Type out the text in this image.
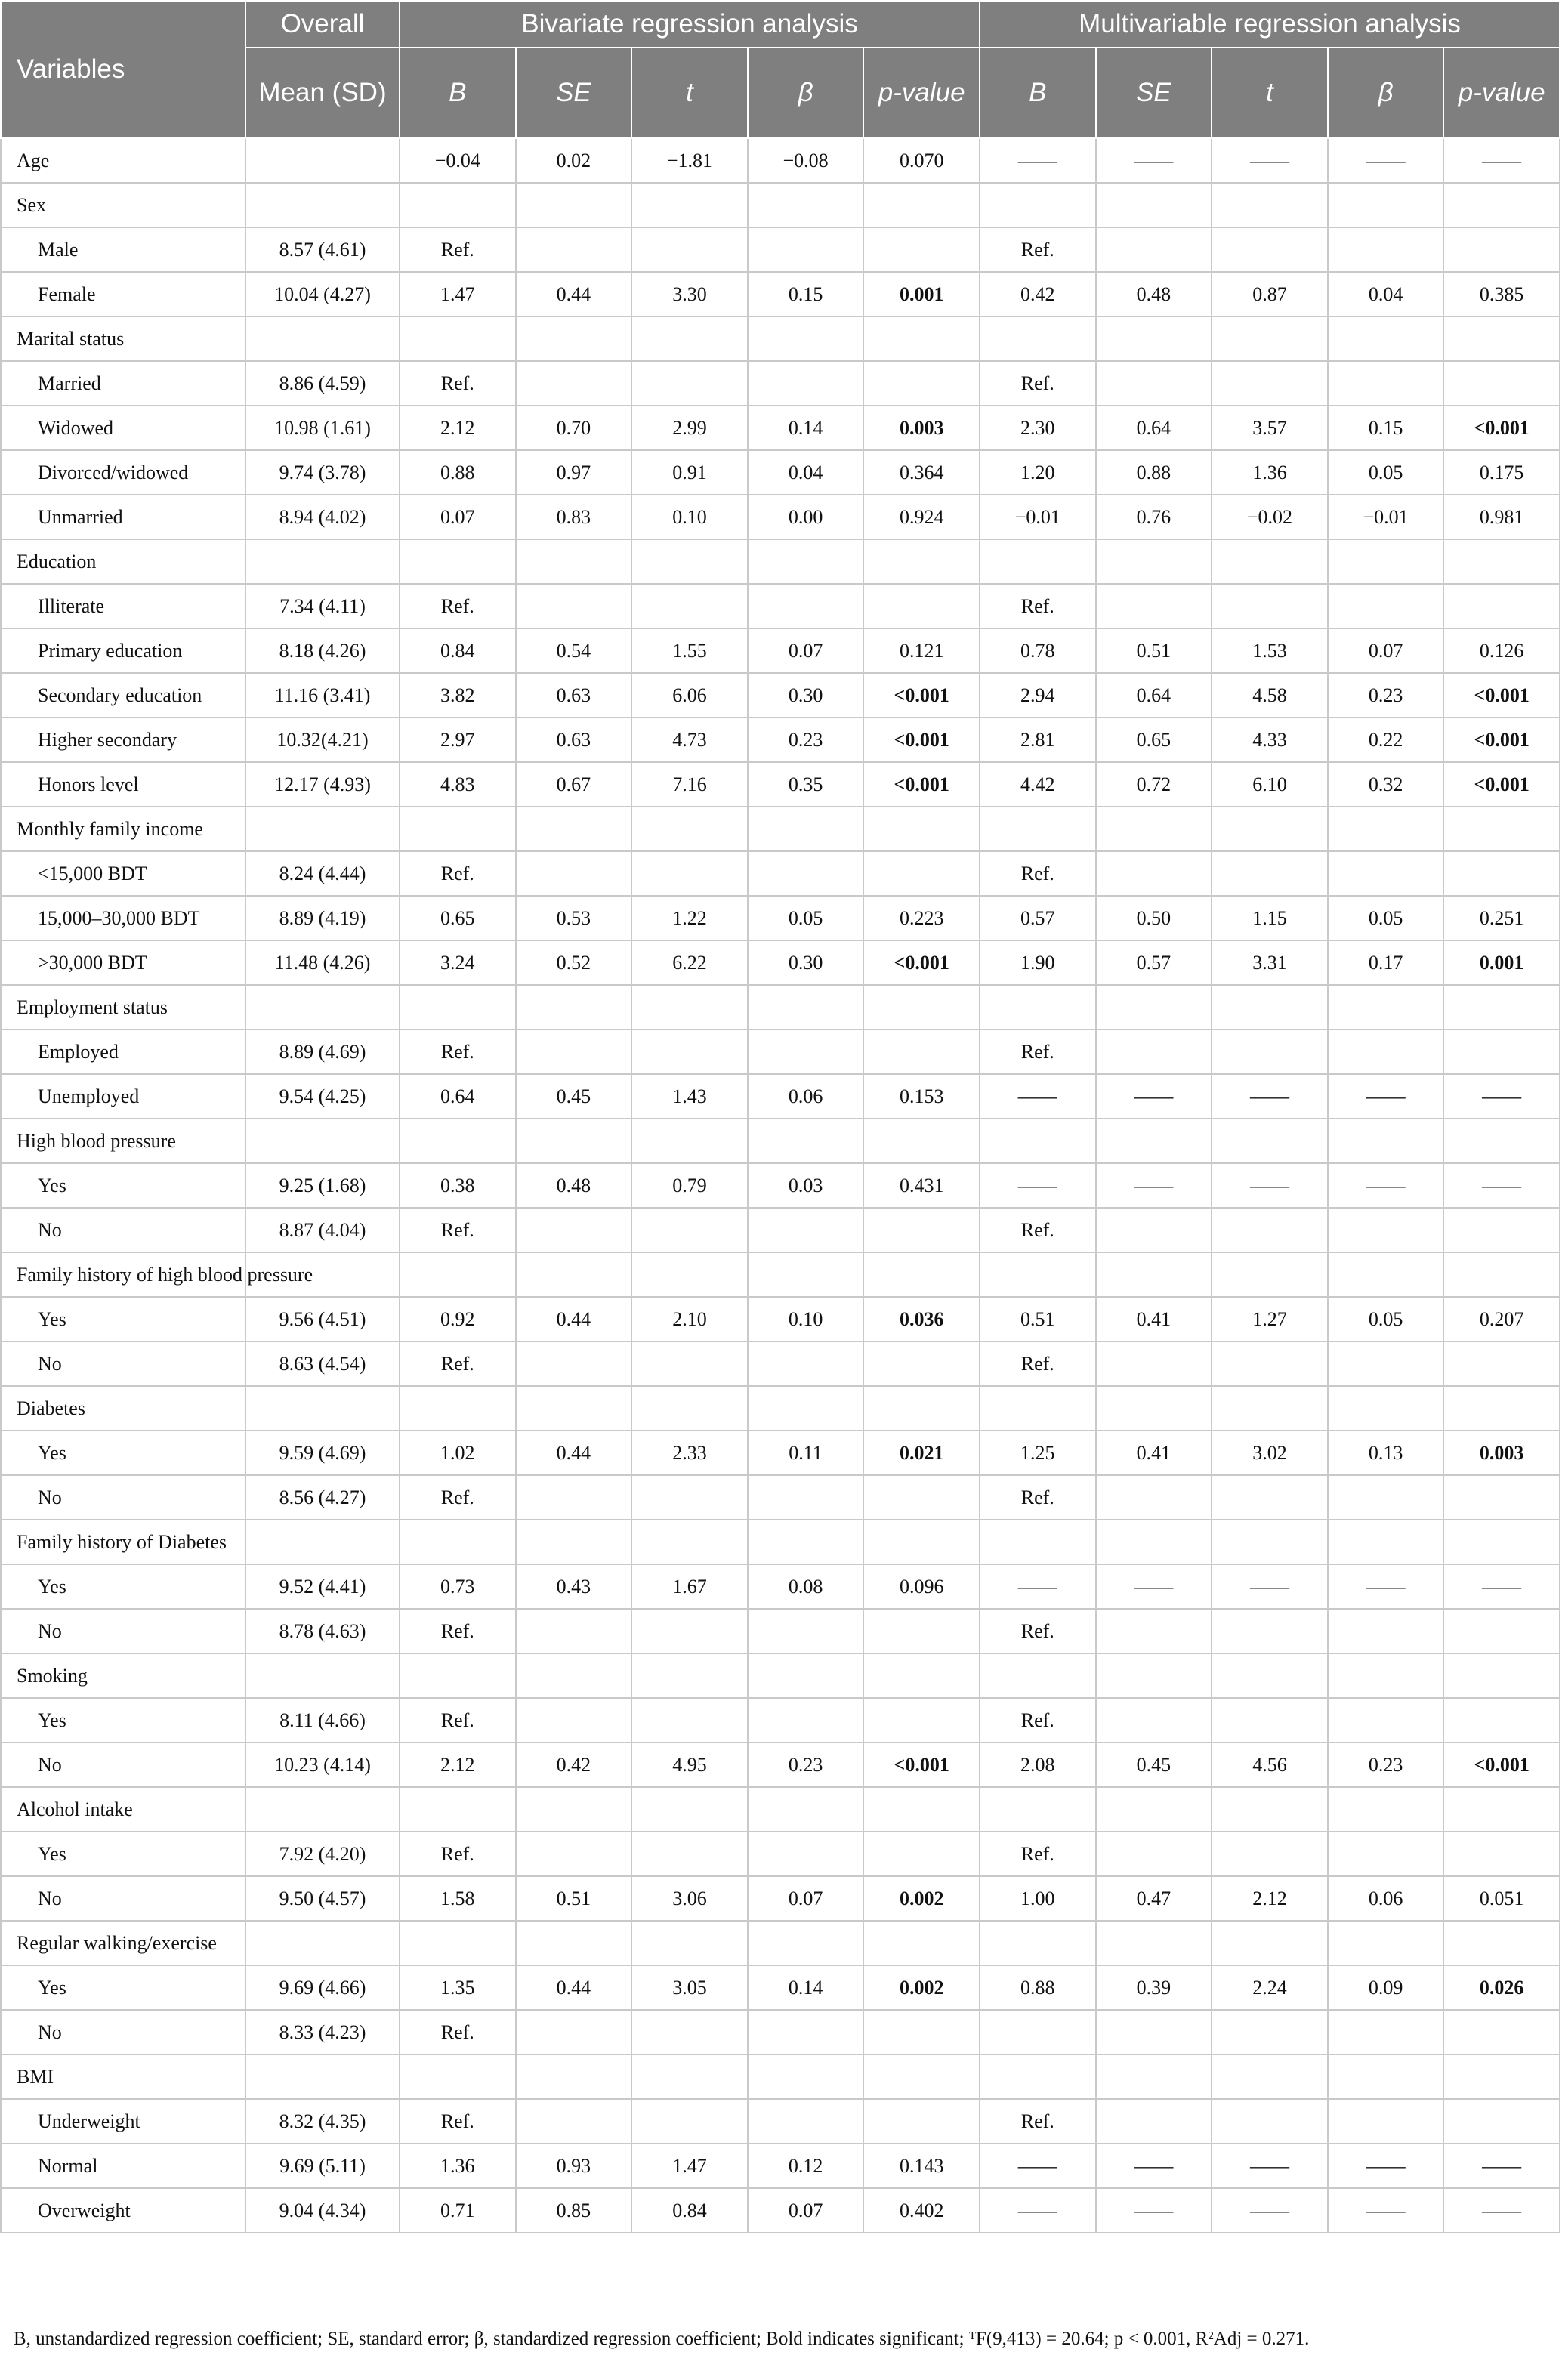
Variables	Overall	Bivariate regression analysis					Multivariable regression analysis				
	Mean (SD)	B	SE	t	β	p-value	B	SE	t	β	p-value
Age		−0.04	0.02	−1.81	−0.08	0.070	——	——	——	——	——
Sex											
Male	8.57 (4.61)	Ref.					Ref.				
Female	10.04 (4.27)	1.47	0.44	3.30	0.15	0.001	0.42	0.48	0.87	0.04	0.385
Marital status											
Married	8.86 (4.59)	Ref.					Ref.				
Widowed	10.98 (1.61)	2.12	0.70	2.99	0.14	0.003	2.30	0.64	3.57	0.15	<0.001
Divorced/widowed	9.74 (3.78)	0.88	0.97	0.91	0.04	0.364	1.20	0.88	1.36	0.05	0.175
Unmarried	8.94 (4.02)	0.07	0.83	0.10	0.00	0.924	−0.01	0.76	−0.02	−0.01	0.981
Education											
Illiterate	7.34 (4.11)	Ref.					Ref.				
Primary education	8.18 (4.26)	0.84	0.54	1.55	0.07	0.121	0.78	0.51	1.53	0.07	0.126
Secondary education	11.16 (3.41)	3.82	0.63	6.06	0.30	<0.001	2.94	0.64	4.58	0.23	<0.001
Higher secondary	10.32(4.21)	2.97	0.63	4.73	0.23	<0.001	2.81	0.65	4.33	0.22	<0.001
Honors level	12.17 (4.93)	4.83	0.67	7.16	0.35	<0.001	4.42	0.72	6.10	0.32	<0.001
Monthly family income											
<15,000 BDT	8.24 (4.44)	Ref.					Ref.				
15,000–30,000 BDT	8.89 (4.19)	0.65	0.53	1.22	0.05	0.223	0.57	0.50	1.15	0.05	0.251
>30,000 BDT	11.48 (4.26)	3.24	0.52	6.22	0.30	<0.001	1.90	0.57	3.31	0.17	0.001
Employment status											
Employed	8.89 (4.69)	Ref.					Ref.				
Unemployed	9.54 (4.25)	0.64	0.45	1.43	0.06	0.153	——	——	——	——	——
High blood pressure											
Yes	9.25 (1.68)	0.38	0.48	0.79	0.03	0.431	——	——	——	——	——
No	8.87 (4.04)	Ref.					Ref.				
Family history of high blood pressure											
Yes	9.56 (4.51)	0.92	0.44	2.10	0.10	0.036	0.51	0.41	1.27	0.05	0.207
No	8.63 (4.54)	Ref.					Ref.				
Diabetes											
Yes	9.59 (4.69)	1.02	0.44	2.33	0.11	0.021	1.25	0.41	3.02	0.13	0.003
No	8.56 (4.27)	Ref.					Ref.				
Family history of Diabetes											
Yes	9.52 (4.41)	0.73	0.43	1.67	0.08	0.096	——	——	——	——	——
No	8.78 (4.63)	Ref.					Ref.				
Smoking											
Yes	8.11 (4.66)	Ref.					Ref.				
No	10.23 (4.14)	2.12	0.42	4.95	0.23	<0.001	2.08	0.45	4.56	0.23	<0.001
Alcohol intake											
Yes	7.92 (4.20)	Ref.					Ref.				
No	9.50 (4.57)	1.58	0.51	3.06	0.07	0.002	1.00	0.47	2.12	0.06	0.051
Regular walking/exercise											
Yes	9.69 (4.66)	1.35	0.44	3.05	0.14	0.002	0.88	0.39	2.24	0.09	0.026
No	8.33 (4.23)	Ref.									
BMI											
Underweight	8.32 (4.35)	Ref.					Ref.				
Normal	9.69 (5.11)	1.36	0.93	1.47	0.12	0.143	——	——	——	——	——
Overweight	9.04 (4.34)	0.71	0.85	0.84	0.07	0.402	——	——	——	——	——
B, unstandardized regression coefficient; SE, standard error; β, standardized regression coefficient; Bold indicates significant; ᵀF(9,413) = 20.64; p < 0.001, R²Adj = 0.271.
